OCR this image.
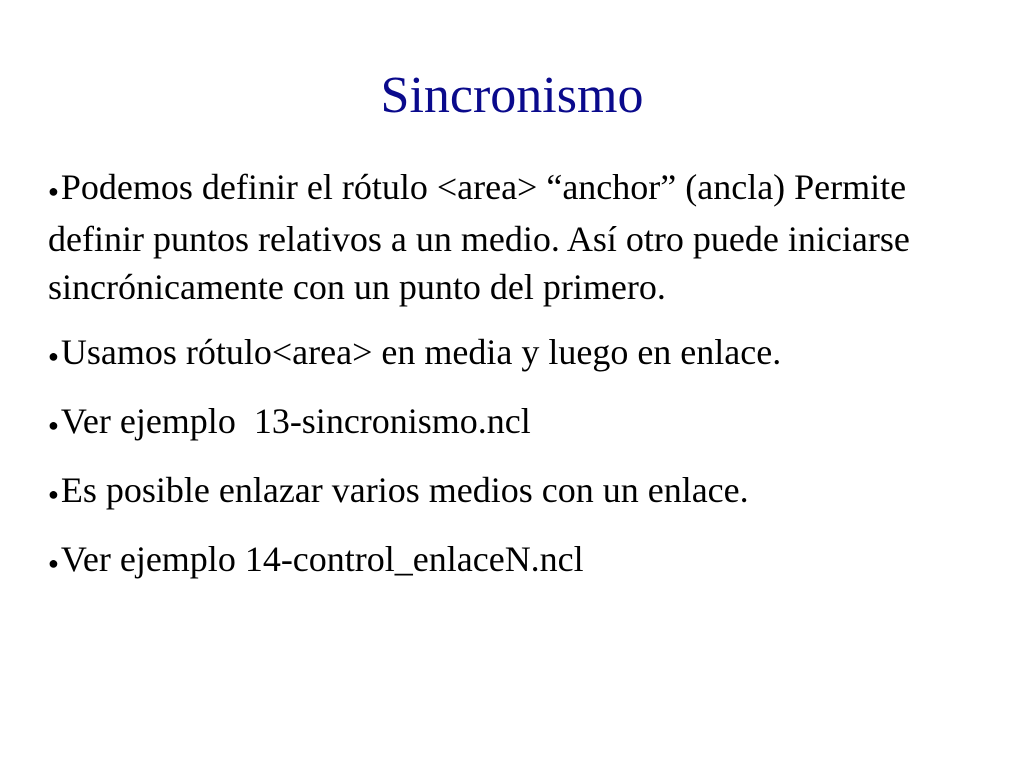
Sincronismo
●Podemos definir el rótulo <area> “anchor” (ancla) Permite definir puntos relativos a un medio. Así otro puede iniciarse sincrónicamente con un punto del primero.
●Usamos rótulo<area> en media y luego en enlace.
●Ver ejemplo  13-sincronismo.ncl
●Es posible enlazar varios medios con un enlace.
●Ver ejemplo 14-control_enlaceN.ncl
